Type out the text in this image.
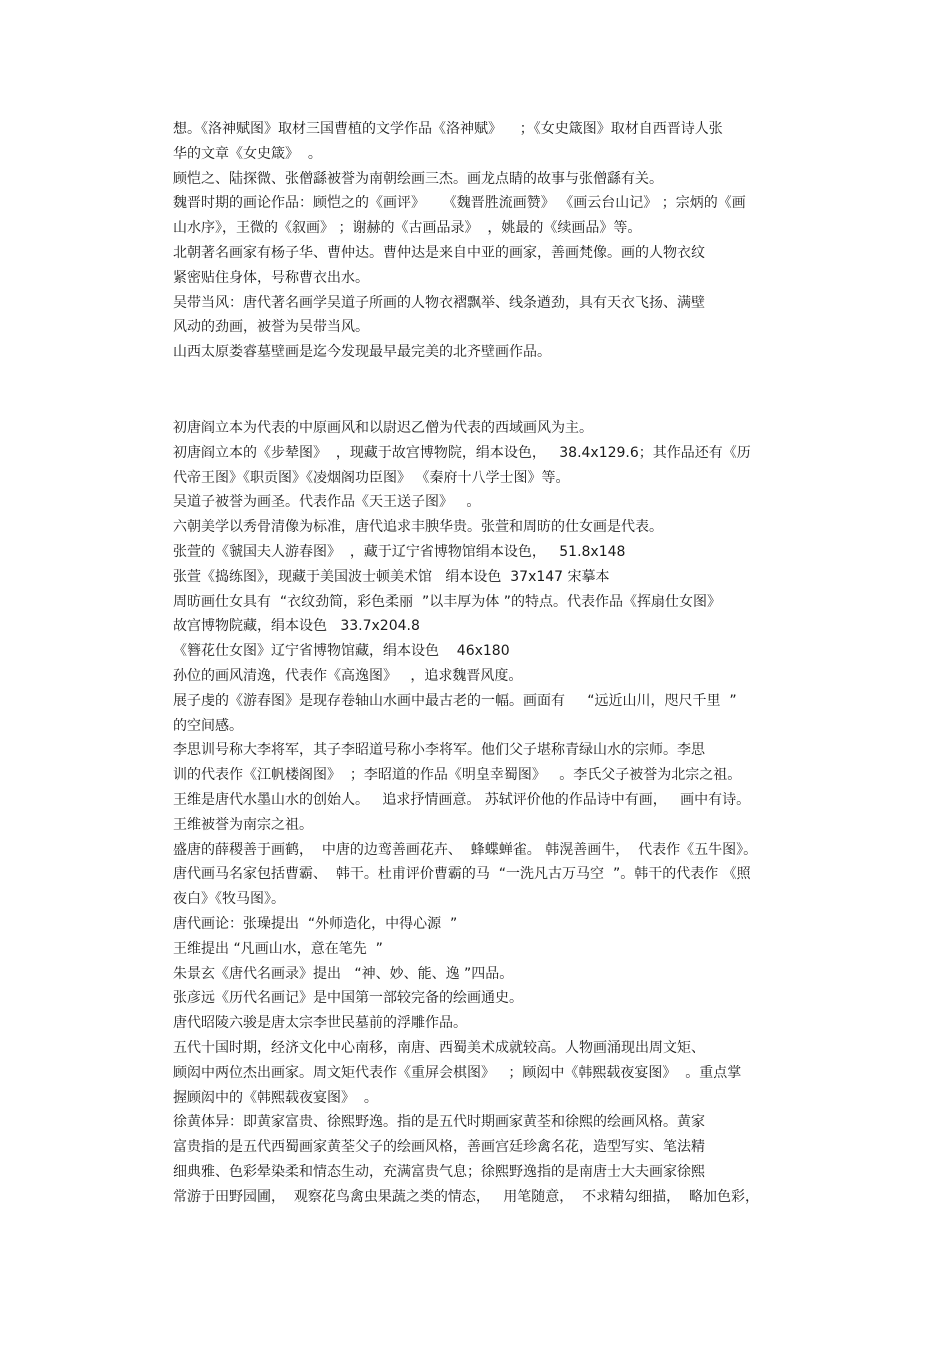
想。《洛神赋图》取材三国曹植的文学作品《洛神赋》    ；《女史箴图》取材自西晋诗人张
华的文章《女史箴》  。
顾恺之、陆探微、张僧繇被誉为南朝绘画三杰。画龙点睛的故事与张僧繇有关。
魏晋时期的画论作品：顾恺之的《画评》    《魏晋胜流画赞》 《画云台山记》 ；宗炳的《画
山水序》，王微的《叙画》 ；谢赫的《古画品录》  ，姚最的《续画品》等。
北朝著名画家有杨子华、曹仲达。曹仲达是来自中亚的画家，善画梵像。画的人物衣纹
紧密贴住身体，号称曹衣出水。
吴带当风：唐代著名画学吴道子所画的人物衣褶飘举、线条遒劲，具有天衣飞扬、满壁
风动的劲画，被誉为吴带当风。
山西太原娄睿墓壁画是迄今发现最早最完美的北齐壁画作品。
初唐阎立本为代表的中原画风和以尉迟乙僧为代表的西域画风为主。
初唐阎立本的《步辇图》  ，现藏于故宫博物院，绢本设色，   38.4x129.6；其作品还有《历
代帝王图》《职贡图》《凌烟阁功臣图》 《秦府十八学士图》等。
吴道子被誉为画圣。代表作品《天王送子图》   。
六朝美学以秀骨清像为标准，唐代追求丰腴华贵。张萱和周昉的仕女画是代表。
张萱的《虢国夫人游春图》  ，藏于辽宁省博物馆绢本设色，   51.8x148
张萱《捣练图》，现藏于美国波士顿美术馆   绢本设色  37x147 宋摹本
周昉画仕女具有  “衣纹劲简，彩色柔丽  ”以丰厚为体 ”的特点。代表作品《挥扇仕女图》
故宫博物院藏，绢本设色   33.7x204.8
《簪花仕女图》辽宁省博物馆藏，绢本设色    46x180
孙位的画风清逸，代表作《高逸图》   ，追求魏晋风度。
展子虔的《游春图》是现存卷轴山水画中最古老的一幅。画面有     “远近山川，咫尺千里  ”
的空间感。
李思训号称大李将军，其子李昭道号称小李将军。他们父子堪称青绿山水的宗师。李思
训的代表作《江帆楼阁图》  ；李昭道的作品《明皇幸蜀图》   。李氏父子被誉为北宗之祖。
王维是唐代水墨山水的创始人。   追求抒情画意。 苏轼评价他的作品诗中有画，   画中有诗。
王维被誉为南宗之祖。
盛唐的薛稷善于画鹤，  中唐的边鸾善画花卉、  蜂蝶蝉雀。 韩滉善画牛，  代表作《五牛图》。
唐代画马名家包括曹霸、  韩干。杜甫评价曹霸的马  “一洗凡古万马空  ”。韩干的代表作 《照
夜白》《牧马图》。
唐代画论：张璪提出  “外师造化，中得心源  ”
王维提出 “凡画山水，意在笔先  ”
朱景玄《唐代名画录》提出   “神、妙、能、逸 ”四品。
张彦远《历代名画记》是中国第一部较完备的绘画通史。
唐代昭陵六骏是唐太宗李世民墓前的浮雕作品。
五代十国时期，经济文化中心南移，南唐、西蜀美术成就较高。人物画涌现出周文矩、
顾闳中两位杰出画家。周文矩代表作《重屏会棋图》   ；顾闳中《韩熙载夜宴图》  。重点掌
握顾闳中的《韩熙载夜宴图》  。
徐黄体异：即黄家富贵、徐熙野逸。指的是五代时期画家黄荃和徐熙的绘画风格。黄家
富贵指的是五代西蜀画家黄荃父子的绘画风格，善画宫廷珍禽名花，造型写实、笔法精
细典雅、色彩晕染柔和情态生动，充满富贵气息；徐熙野逸指的是南唐士大夫画家徐熙
常游于田野园圃，  观察花鸟禽虫果蔬之类的情态，   用笔随意，  不求精勾细描，  略加色彩，
